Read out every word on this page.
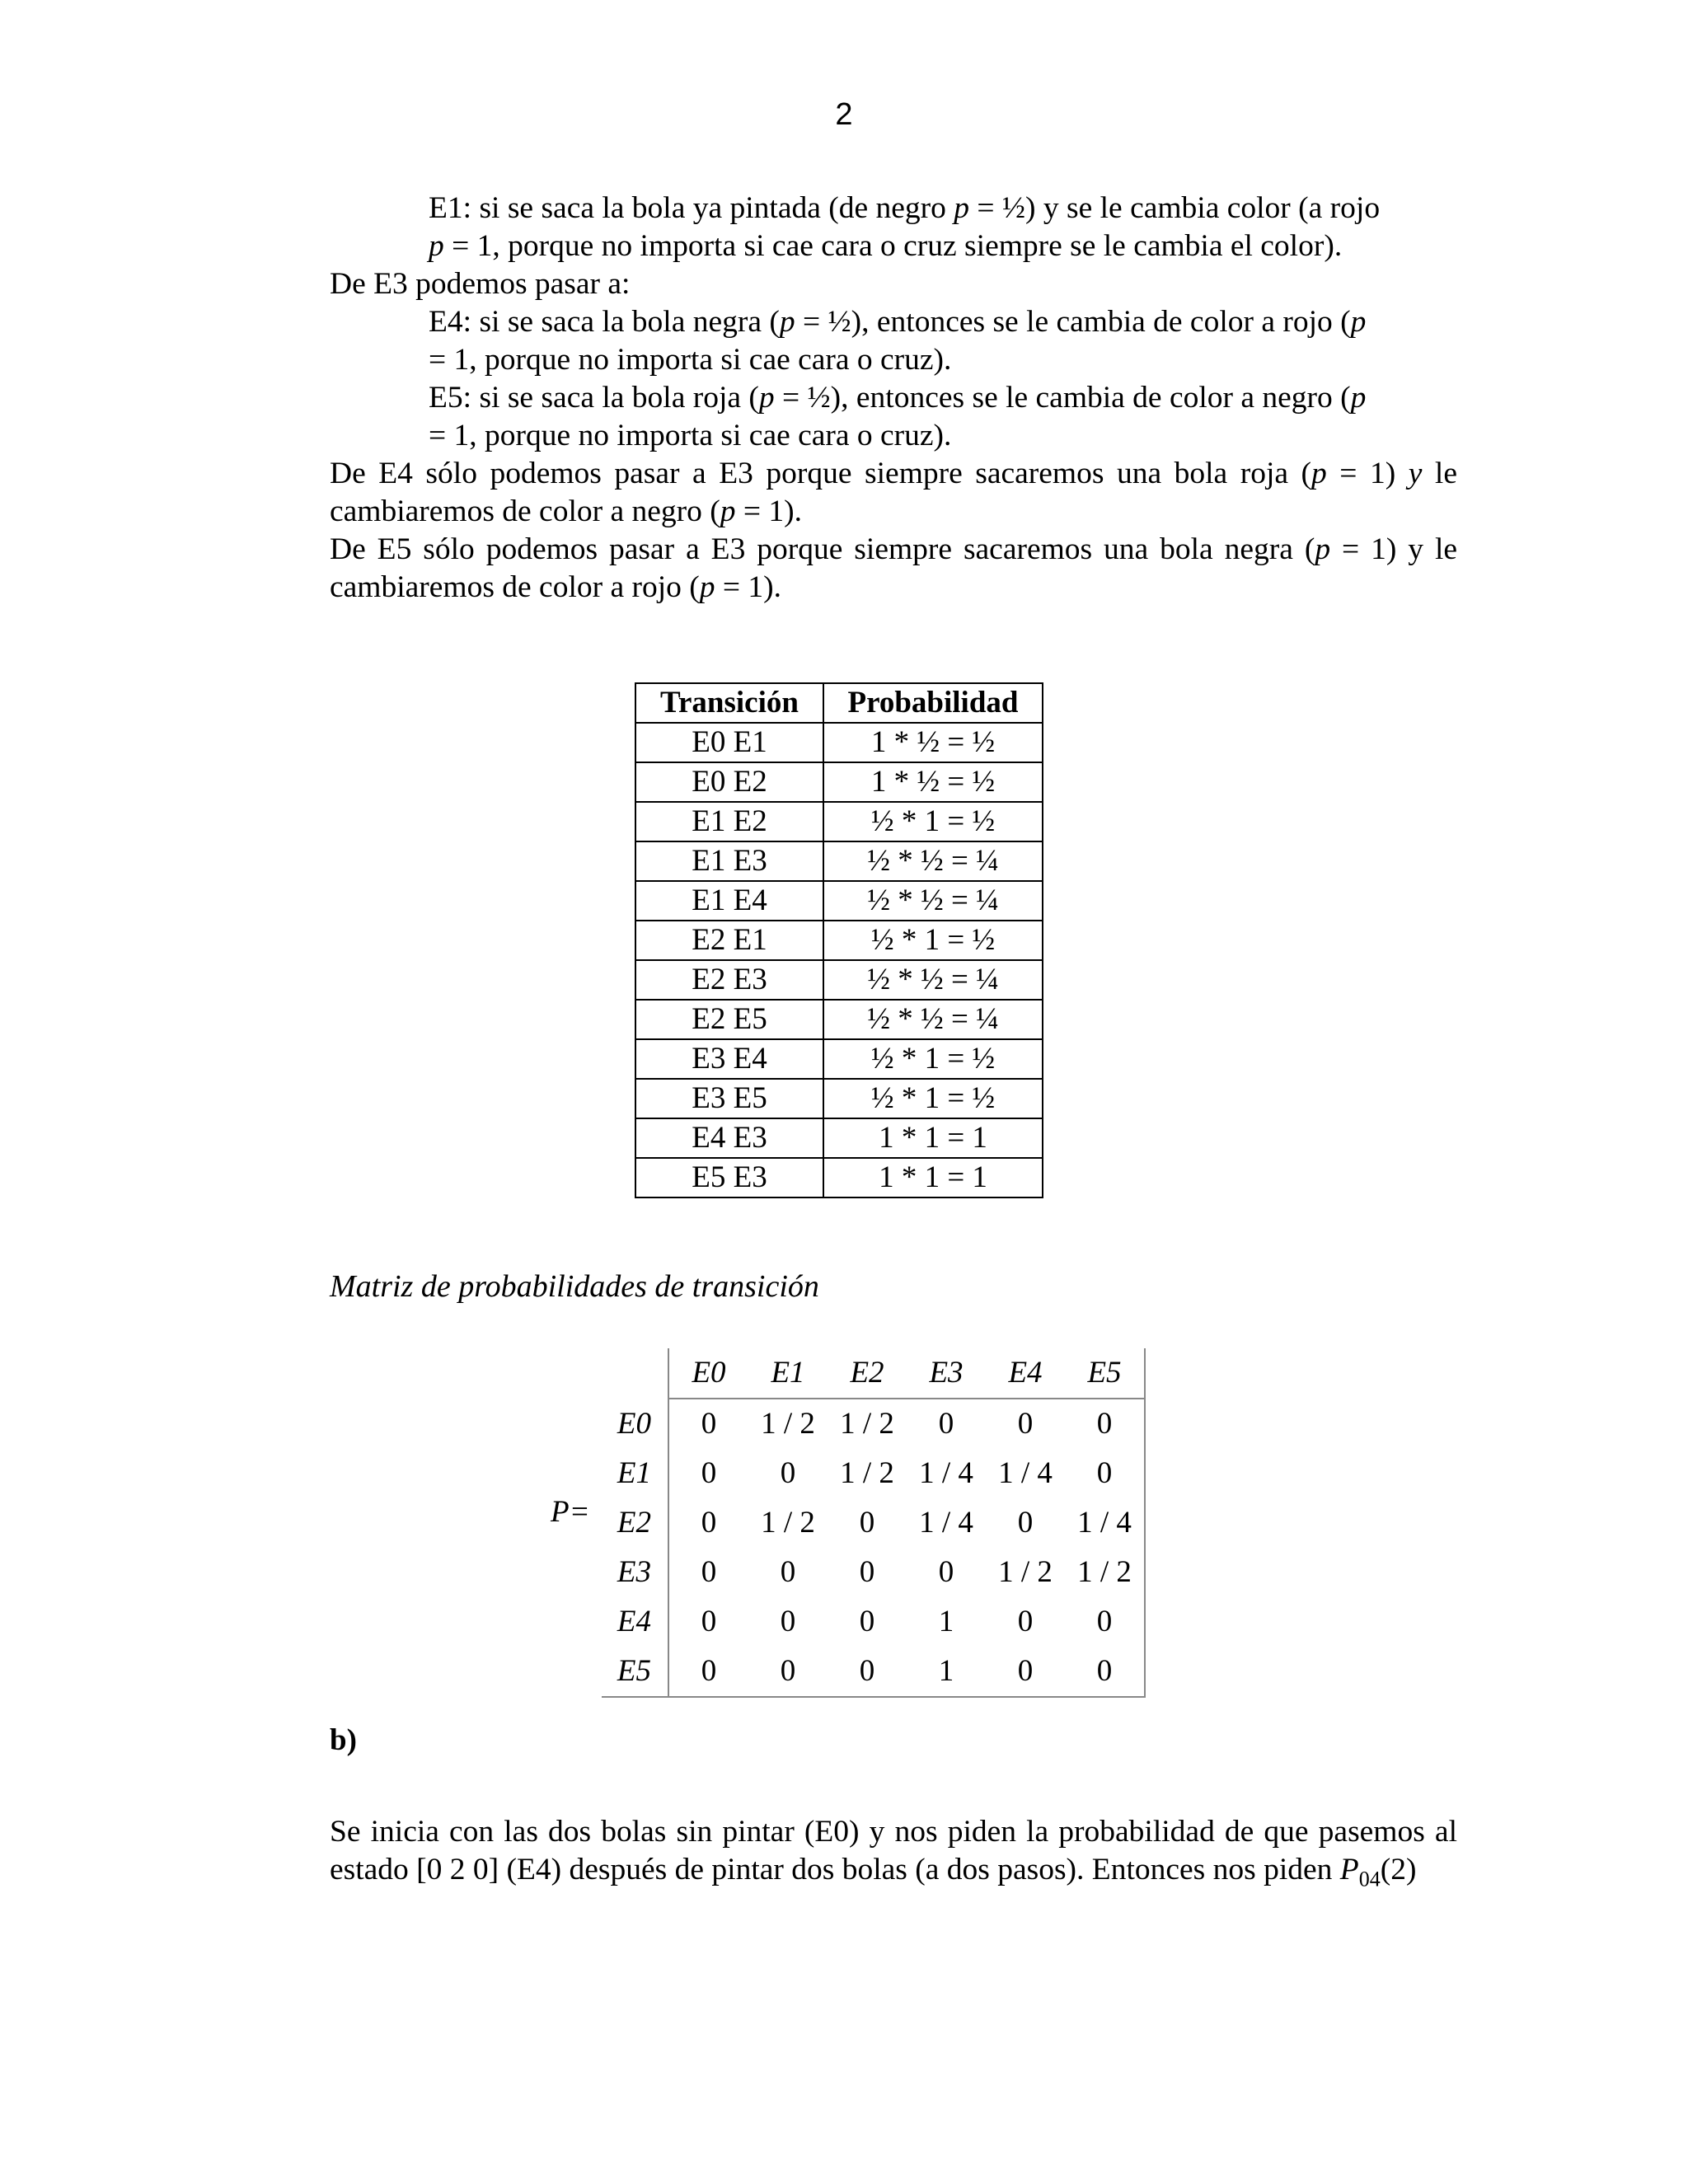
2

E1: si se saca la bola ya pintada (de negro p = ½) y se le cambia color (a rojo
p = 1, porque no importa si cae cara o cruz siempre se le cambia el color).

De E3 podemos pasar a:

E4: si se saca la bola negra (p = ½), entonces se le cambia de color a rojo (p
= 1, porque no importa si cae cara o cruz).

E5: si se saca la bola roja (p = ½), entonces se le cambia de color a negro (p
= 1, porque no importa si cae cara o cruz).

De E4 sólo podemos pasar a E3 porque siempre sacaremos una bola roja (p = 1) y le cambiaremos de color a negro (p = 1).

De E5 sólo podemos pasar a E3 porque siempre sacaremos una bola negra (p = 1) y le cambiaremos de color a rojo (p = 1).

Transición	Probabilidad
E0 E1	1 * ½ = ½
E0 E2	1 * ½ = ½
E1 E2	½ * 1 = ½
E1 E3	½ * ½ = ¼
E1 E4	½ * ½ = ¼
E2 E1	½ * 1 = ½
E2 E3	½ * ½ = ¼
E2 E5	½ * ½ = ¼
E3 E4	½ * 1 = ½
E3 E5	½ * 1 = ½
E4 E3	1 * 1 = 1
E5 E3	1 * 1 = 1
Matriz de probabilidades de transición
P=
	E0	E1	E2	E3	E4	E5
E0	0	1 / 2	1 / 2	0	0	0
E1	0	0	1 / 2	1 / 4	1 / 4	0
E2	0	1 / 2	0	1 / 4	0	1 / 4
E3	0	0	0	0	1 / 2	1 / 2
E4	0	0	0	1	0	0
E5	0	0	0	1	0	0
b)

Se inicia con las dos bolas sin pintar (E0) y nos piden la probabilidad de que pasemos al estado [0 2 0] (E4) después de pintar dos bolas (a dos pasos). Entonces nos piden $P_{04}(2)$
